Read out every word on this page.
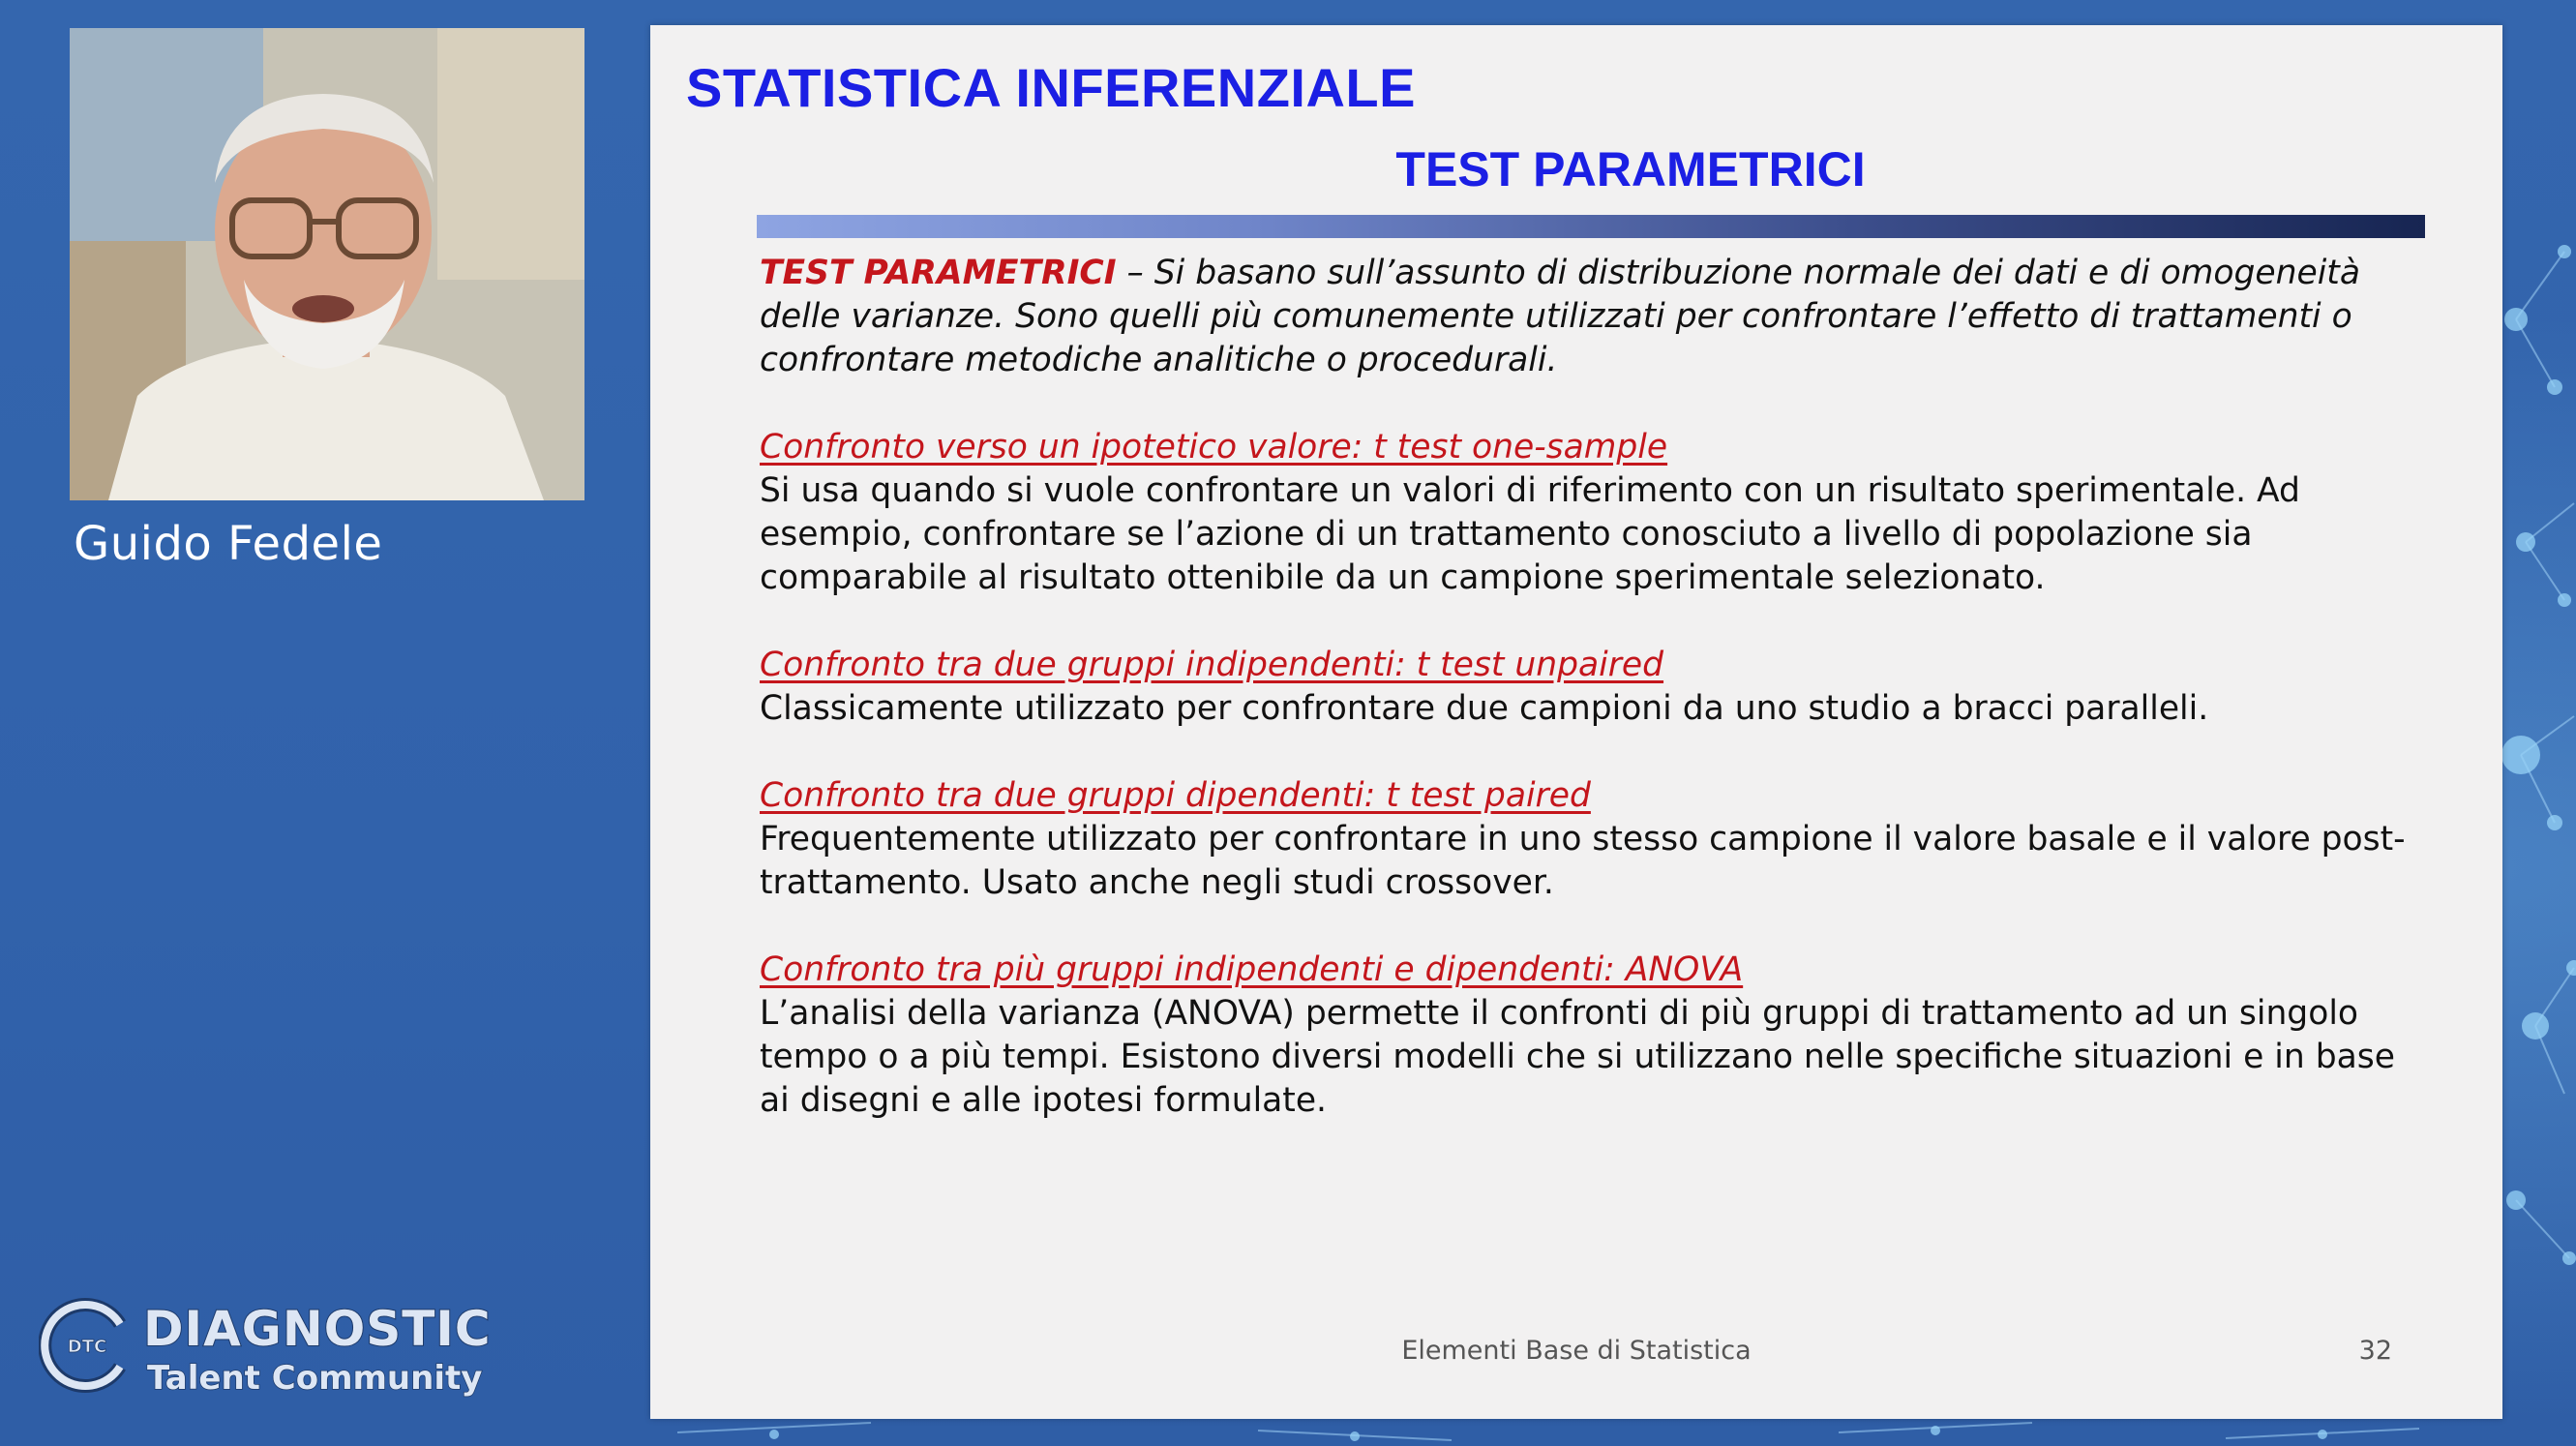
Guido Fedele
DTC DIAGNOSTIC
Talent Community
STATISTICA INFERENZIALE
TEST PARAMETRICI

TEST PARAMETRICI – Si basano sull’assunto di distribuzione normale dei dati e di omogeneità delle varianze. Sono quelli più comunemente utilizzati per confrontare l’effetto di trattamenti o confrontare metodiche analitiche o procedurali.

Confronto verso un ipotetico valore: t test one-sample
Si usa quando si vuole confrontare un valori di riferimento con un risultato sperimentale. Ad esempio, confrontare se l’azione di un trattamento conosciuto a livello di popolazione sia comparabile al risultato ottenibile da un campione sperimentale selezionato.
Confronto tra due gruppi indipendenti: t test unpaired
Classicamente utilizzato per confrontare due campioni da uno studio a bracci paralleli.
Confronto tra due gruppi dipendenti: t test paired
Frequentemente utilizzato per confrontare in uno stesso campione il valore basale e il valore post-trattamento. Usato anche negli studi crossover.
Confronto tra più gruppi indipendenti e dipendenti: ANOVA
L’analisi della varianza (ANOVA) permette il confronti di più gruppi di trattamento ad un singolo tempo o a più tempi. Esistono diversi modelli che si utilizzano nelle specifiche situazioni e in base ai disegni e alle ipotesi formulate.
Elementi Base di Statistica	32
